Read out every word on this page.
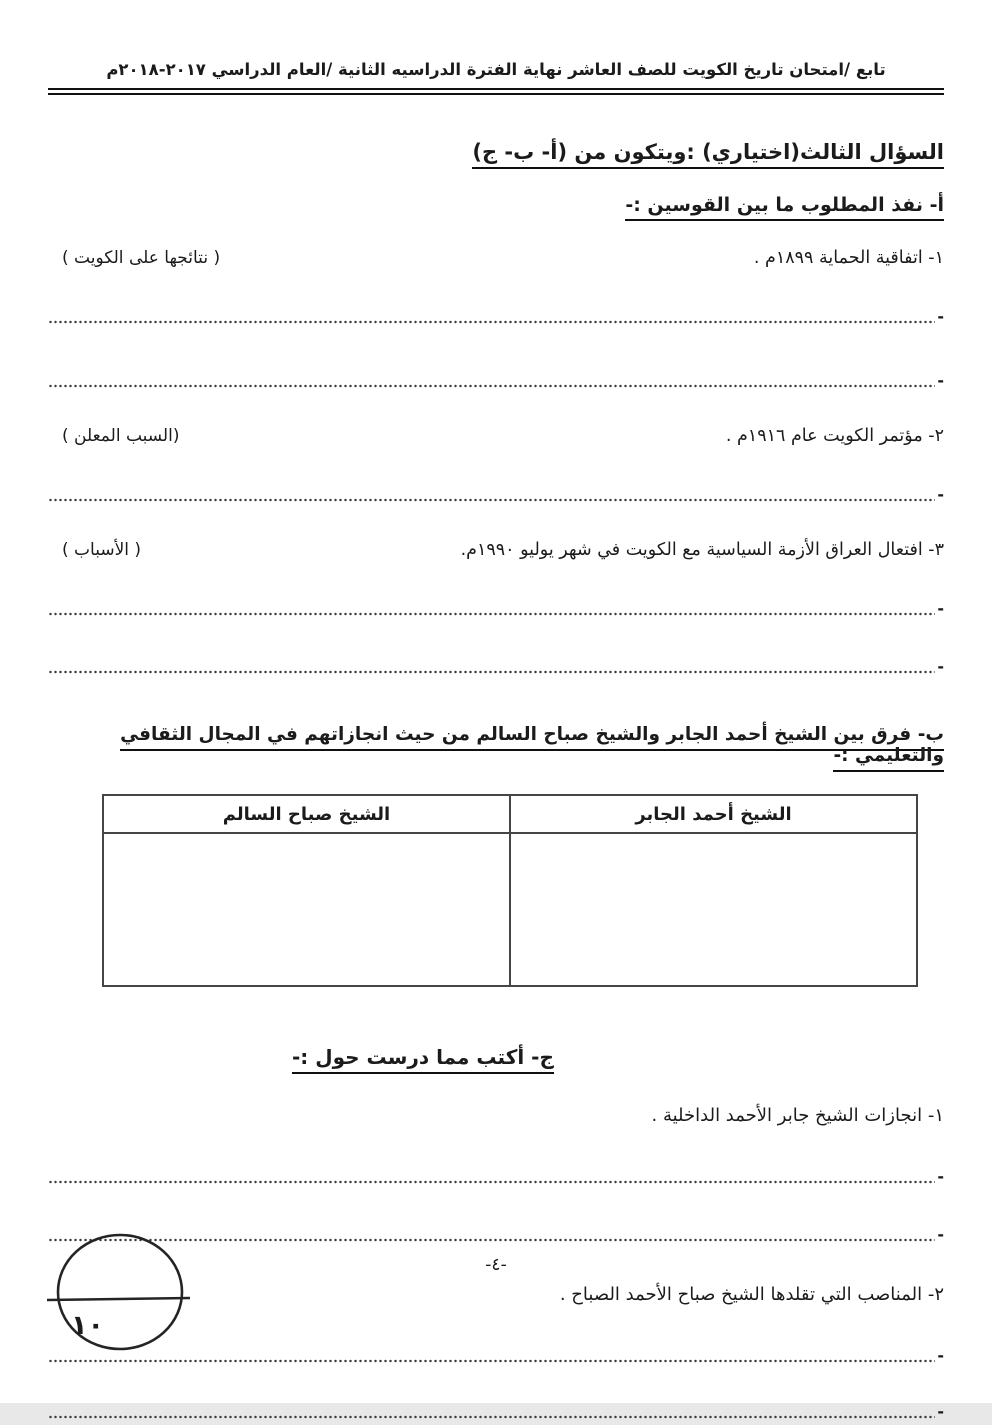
تابع /امتحان تاريخ الكويت للصف العاشر نهاية الفترة الدراسيه الثانية /العام الدراسي ٢٠١٧-٢٠١٨م
السؤال الثالث(اختياري) :ويتكون من (أ- ب- ج)
أ- نفذ المطلوب ما بين القوسين :-
١- اتفاقية الحماية ١٨٩٩م .
( نتائجها على الكويت )
-
-
٢- مؤتمر الكويت عام ١٩١٦م .
(السبب المعلن )
-
٣- افتعال العراق الأزمة السياسية مع الكويت في شهر يوليو ١٩٩٠م.
( الأسباب )
-
-
ب- فرق بين الشيخ أحمد الجابر والشيخ صباح السالم من حيث انجازاتهم في المجال الثقافي والتعليمي :-
الشيخ أحمد الجابر	الشيخ صباح السالم

ج- أكتب مما درست حول :-
١- انجازات الشيخ جابر الأحمد الداخلية .
-
-
٢- المناصب التي تقلدها الشيخ صباح الأحمد الصباح .
-
-
-٤-
١٠
